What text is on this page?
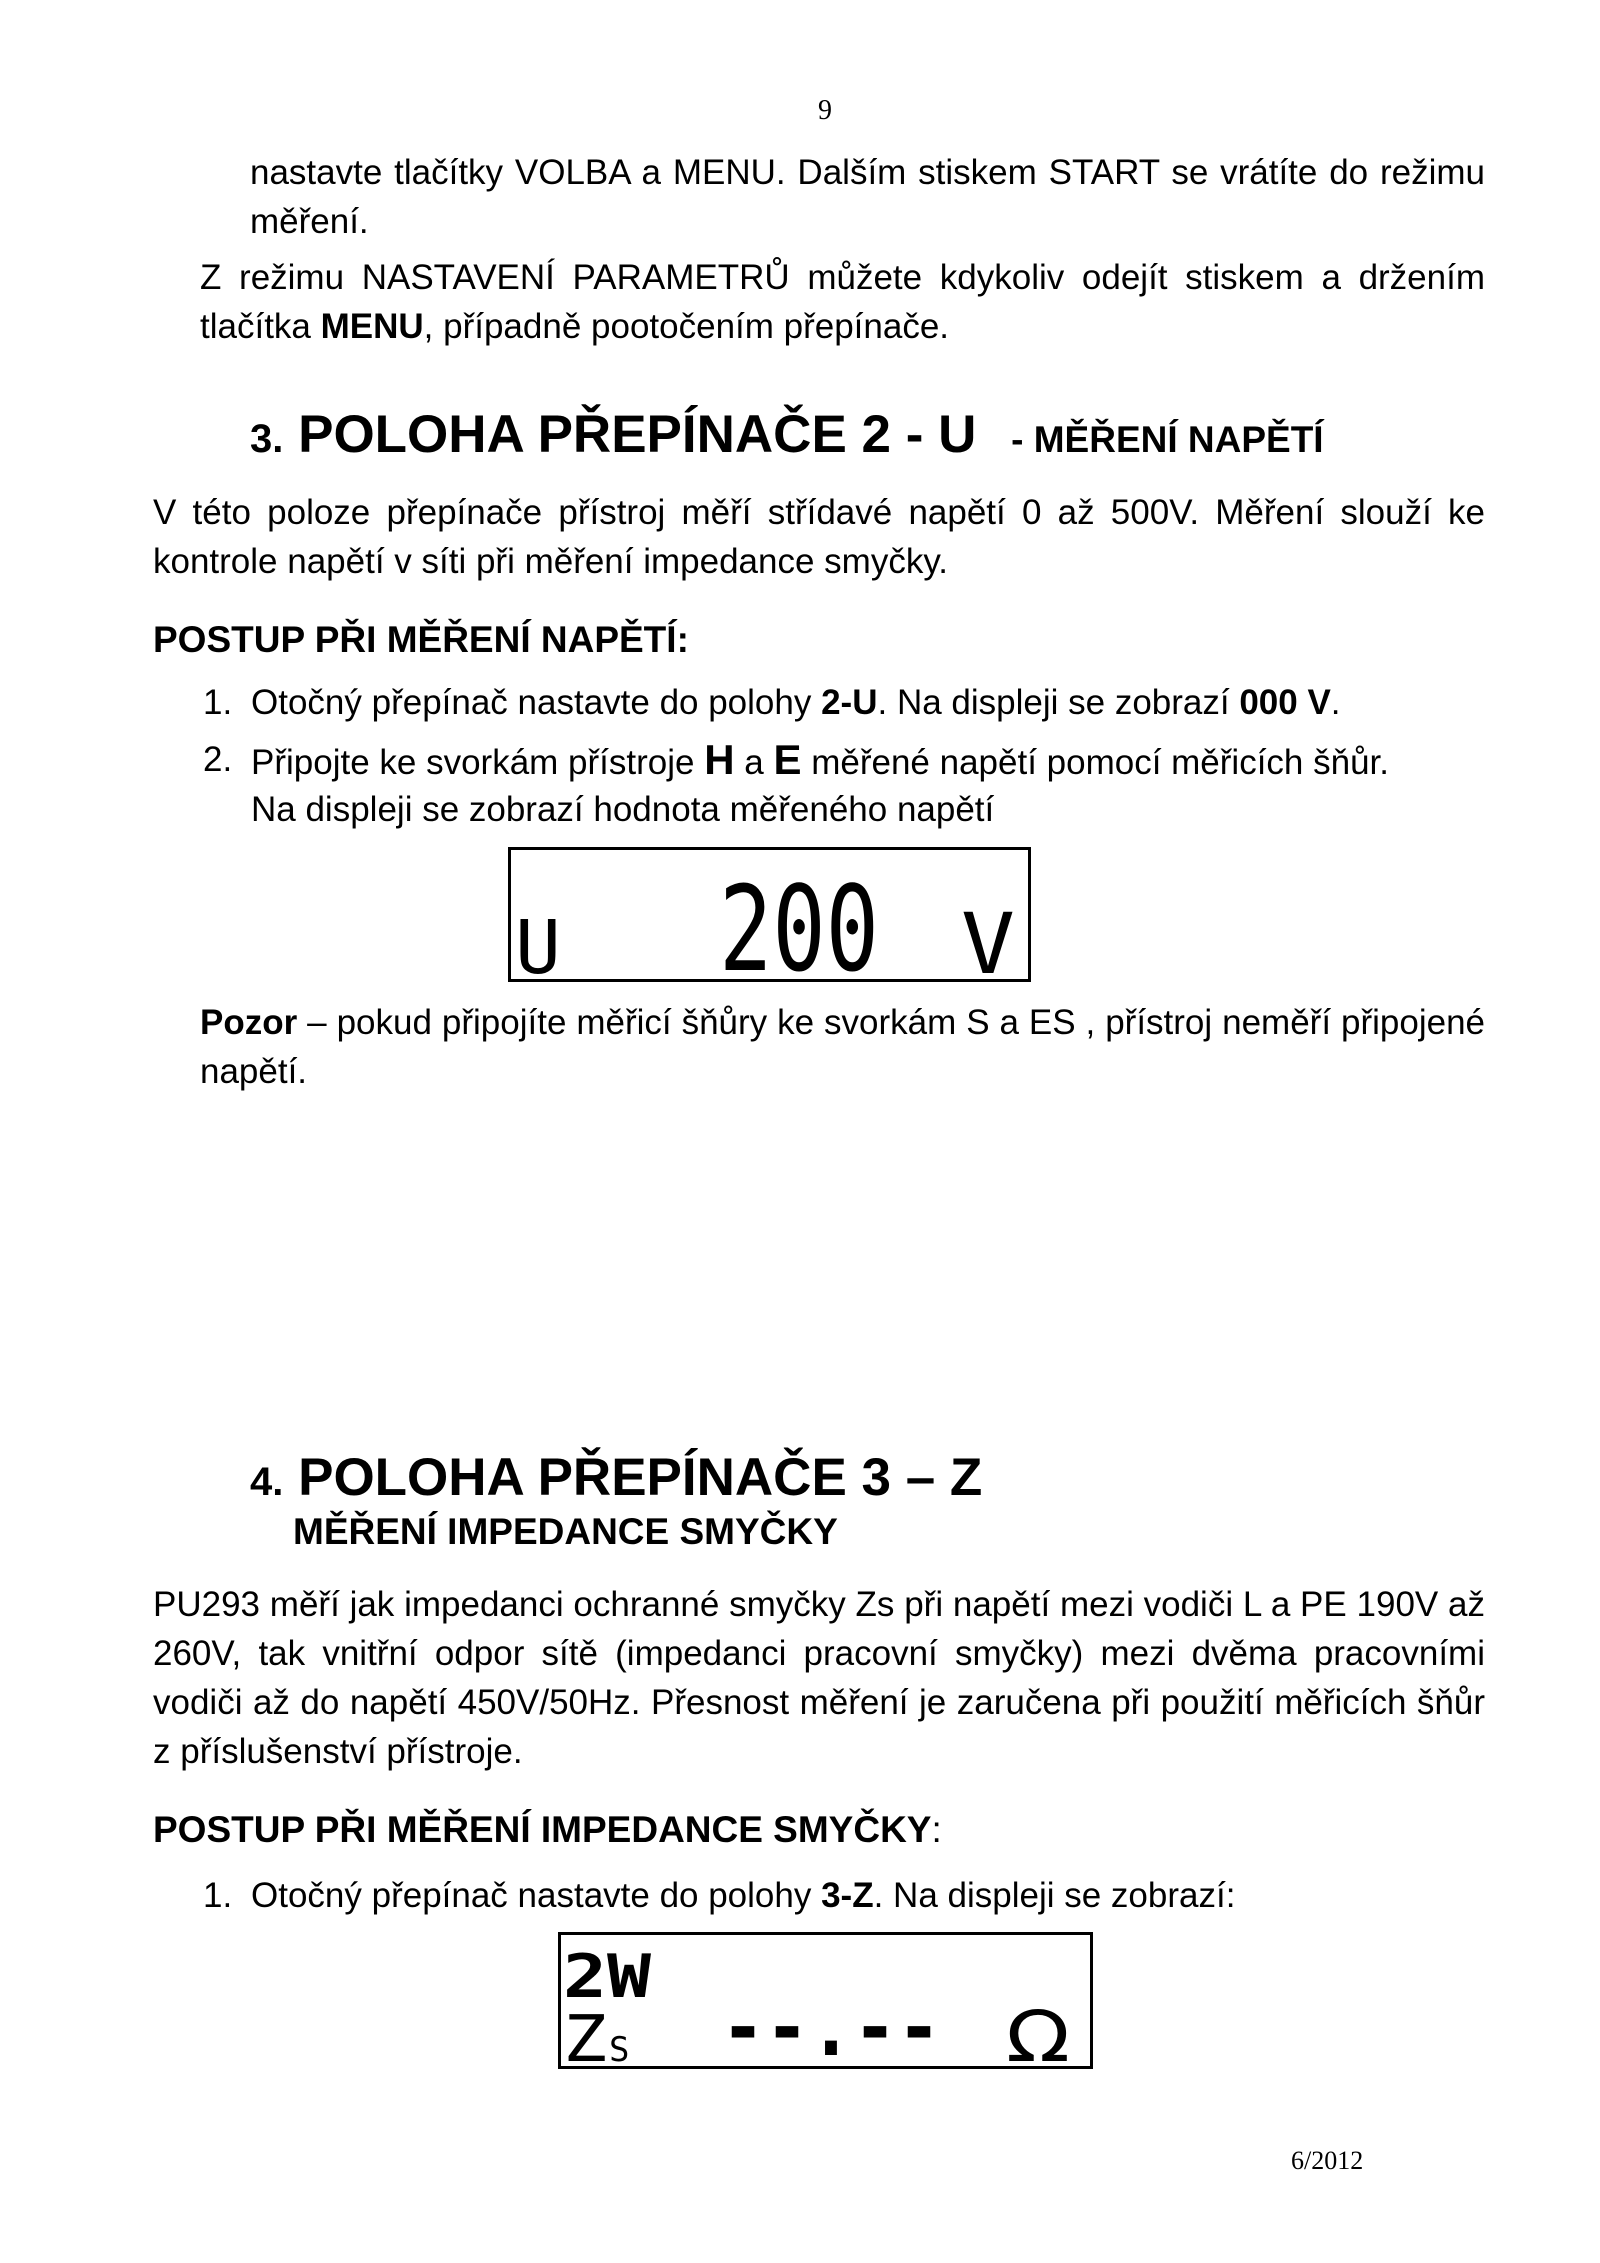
9

nastavte tlačítky VOLBA a MENU. Dalším stiskem START se vrátíte do režimu měření.

Z režimu NASTAVENÍ PARAMETRŮ můžete kdykoliv odejít stiskem a držením tlačítka MENU, případně pootočením přepínače.

3. POLOHA PŘEPÍNAČE 2 - U - MĚŘENÍ NAPĚTÍ

V této poloze přepínače přístroj měří střídavé napětí 0 až 500V. Měření slouží ke kontrole napětí v síti při měření impedance smyčky.

POSTUP PŘI MĚŘENÍ NAPĚTÍ:
1. Otočný přepínač nastavte do polohy 2-U. Na displeji se zobrazí 000 V.
2. Připojte ke svorkám přístroje H a E měřené napětí pomocí měřicích šňůr.
Na displeji se zobrazí hodnota měřeného napětí
U 200 V

Pozor – pokud připojíte měřicí šňůry ke svorkám S a ES , přístroj neměří připojené napětí.

4. POLOHA PŘEPÍNAČE 3 – Z
MĚŘENÍ IMPEDANCE SMYČKY

PU293 měří jak impedanci ochranné smyčky Zs při napětí mezi vodiči L a PE 190V až 260V, tak vnitřní odpor sítě (impedanci pracovní smyčky) mezi dvěma pracovními vodiči až do napětí 450V/50Hz. Přesnost měření je zaručena při použití měřicích šňůr z příslušenství přístroje.

POSTUP PŘI MĚŘENÍ IMPEDANCE SMYČKY:
1. Otočný přepínač nastavte do polohy 3-Z. Na displeji se zobrazí:
2W
Z S --.-- Ω
6/2012
